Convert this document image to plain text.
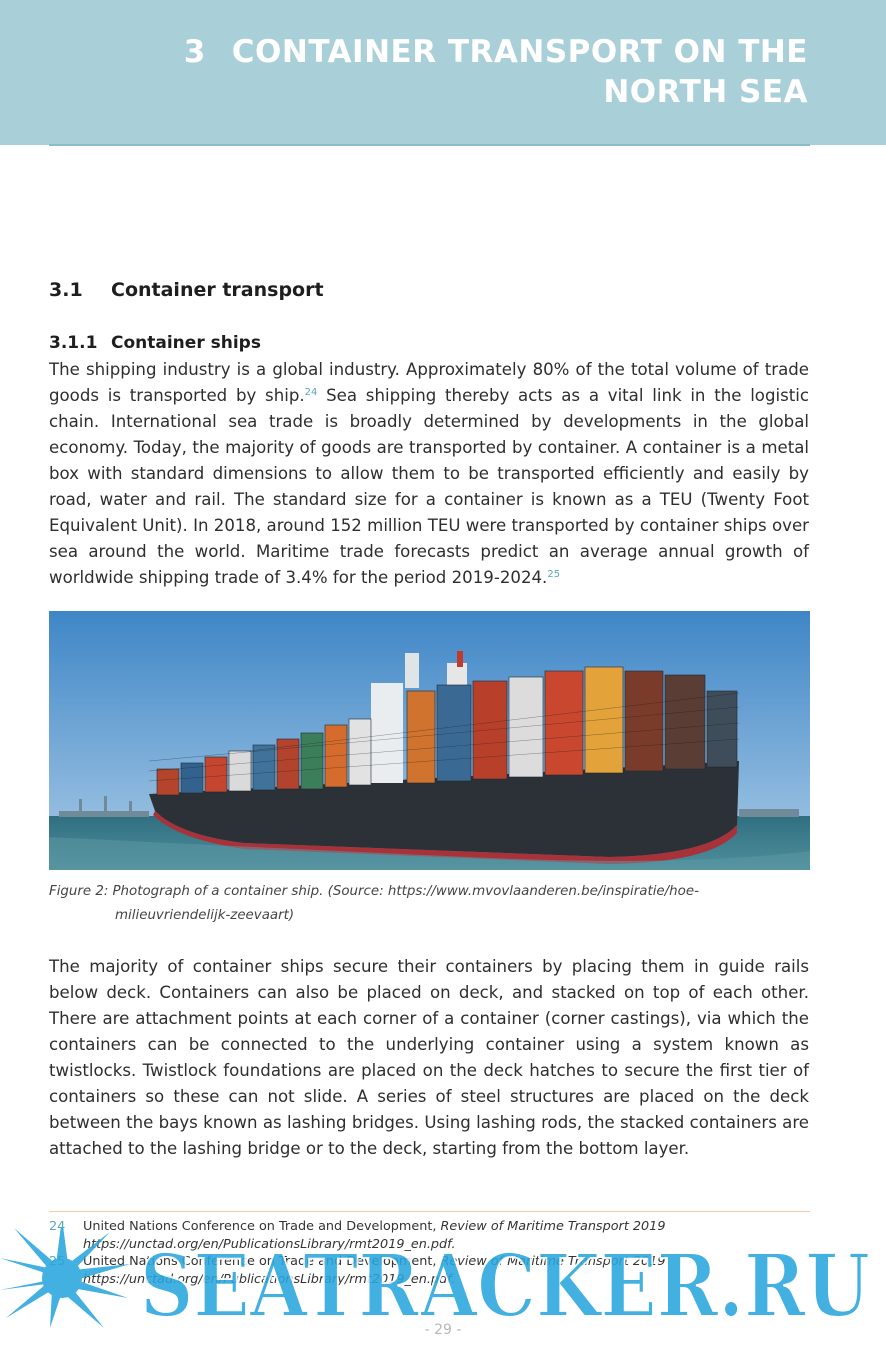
3 CONTAINER TRANSPORT ON THE
NORTH SEA
3.1 Container transport
3.1.1 Container ships

The shipping industry is a global industry. Approximately 80% of the total volume of trade goods is transported by ship.$^{24}$ Sea shipping thereby acts as a vital link in the logistic chain. International sea trade is broadly determined by developments in the global economy. Today, the majority of goods are transported by container. A container is a metal box with standard dimensions to allow them to be transported efficiently and easily by road, water and rail. The standard size for a container is known as a TEU (Twenty Foot Equivalent Unit). In 2018, around 152 million TEU were transported by container ships over sea around the world. Maritime trade forecasts predict an average annual growth of worldwide shipping trade of 3.4% for the period 2019-2024.25

Figure 2: Photograph of a container ship. (Source: https://www.mvovlaanderen.be/inspiratie/hoe-
milieuvriendelijk-zeevaart)

The majority of container ships secure their containers by placing them in guide rails below deck. Containers can also be placed on deck, and stacked on top of each other. There are attachment points at each corner of a container (corner castings), via which the containers can be connected to the underlying container using a system known as twistlocks. Twistlock foundations are placed on the deck hatches to secure the first tier of containers so these can not slide. A series of steel structures are placed on the deck between the bays known as lashing bridges. Using lashing rods, the stacked containers are attached to the lashing bridge or to the deck, starting from the bottom layer.

24 United Nations Conference on Trade and Development, Review of Maritime Transport 2019 https://unctad.org/en/PublicationsLibrary/rmt2019_en.pdf.
United Nations Conference on Trade and Development, Review of Maritime Transport 2019 https://unctad.org/en/PublicationsLibrary/rmt2019_en.pdf.
SEATRACKER.RU
- 29 -
